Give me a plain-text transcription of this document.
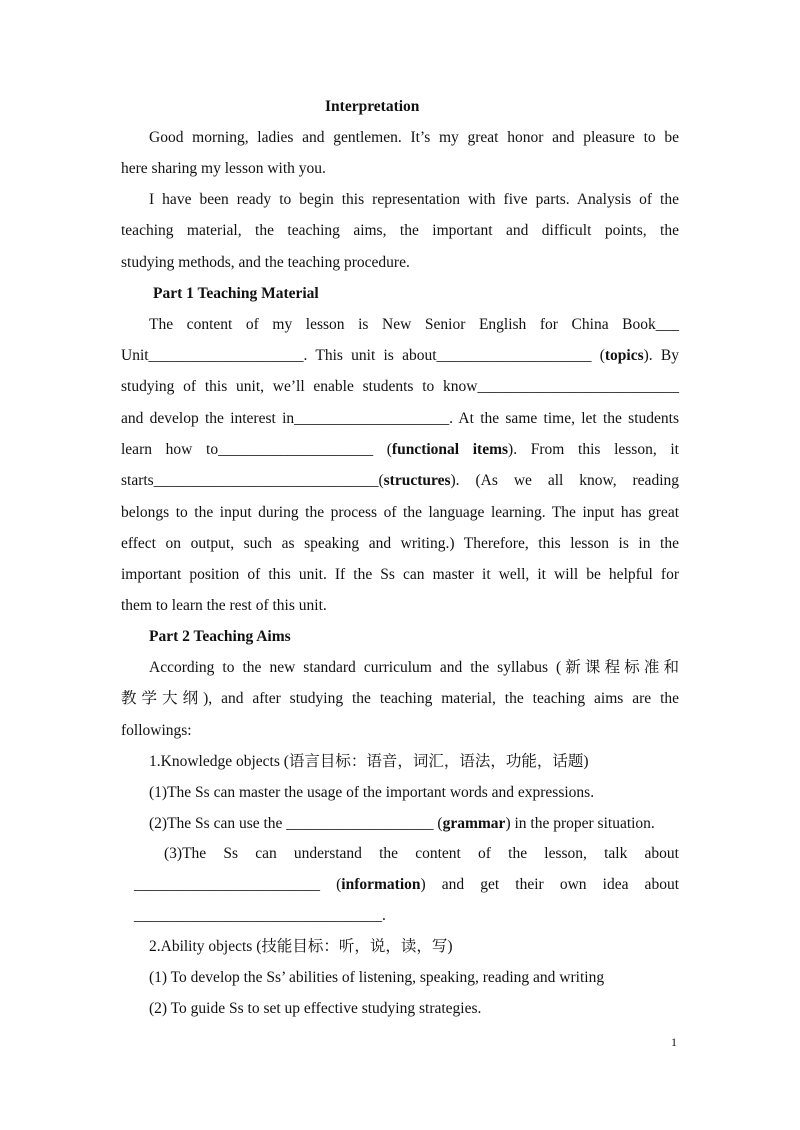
Interpretation
Good morning, ladies and gentlemen. It’s my great honor and pleasure to be
here sharing my lesson with you.
I have been ready to begin this representation with five parts. Analysis of the
teaching material, the teaching aims, the important and difficult points, the
studying methods, and the teaching procedure.
Part 1 Teaching Material
The content of my lesson is New Senior English for China Book___
Unit____________________. This unit is about____________________ (topics). By
studying of this unit, we’ll enable students to know__________________________
and develop the interest in____________________. At the same time, let the students
learn how to____________________ (functional items). From this lesson, it
starts_____________________________(structures). (As we all know, reading
belongs to the input during the process of the language learning. The input has great
effect on output, such as speaking and writing.) Therefore, this lesson is in the
important position of this unit. If the Ss can master it well, it will be helpful for
them to learn the rest of this unit.
Part 2 Teaching Aims
According to the new standard curriculum and the syllabus (新课程标准和
教学大纲), and after studying the teaching material, the teaching aims are the
followings:
1.Knowledge objects (语言目标：语音，词汇，语法，功能，话题)
(1)The Ss can master the usage of the important words and expressions.
(2)The Ss can use the ___________________ (grammar) in the proper situation.
(3)The Ss can understand the content of the lesson, talk about
________________________ (information) and get their own idea about
________________________________.
2.Ability objects (技能目标：听，说，读，写)
(1) To develop the Ss’ abilities of listening, speaking, reading and writing
(2) To guide Ss to set up effective studying strategies.
1
